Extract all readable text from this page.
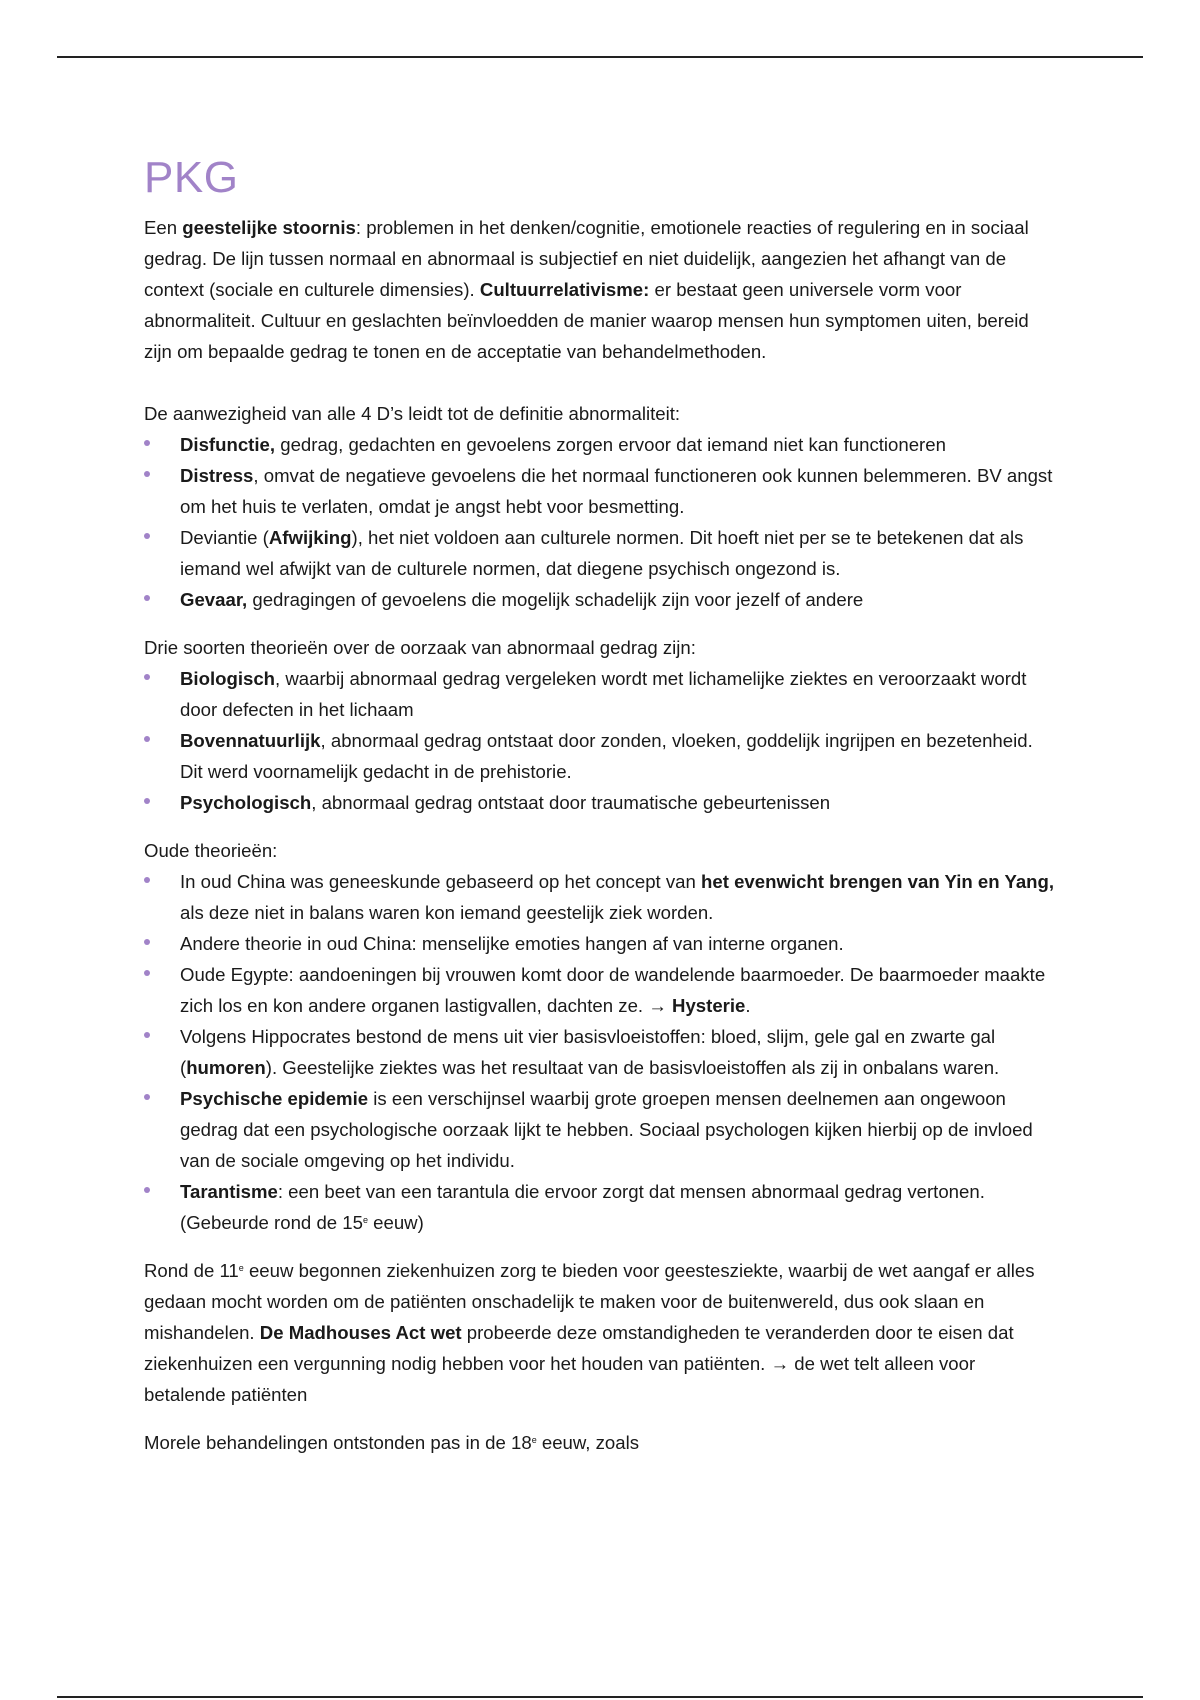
PKG

Een geestelijke stoornis: problemen in het denken/cognitie, emotionele reacties of regulering en in sociaal gedrag. De lijn tussen normaal en abnormaal is subjectief en niet duidelijk, aangezien het afhangt van de context (sociale en culturele dimensies). Cultuurrelativisme: er bestaat geen universele vorm voor abnormaliteit. Cultuur en geslachten beïnvloedden de manier waarop mensen hun symptomen uiten, bereid zijn om bepaalde gedrag te tonen en de acceptatie van behandelmethoden.

De aanwezigheid van alle 4 D’s leidt tot de definitie abnormaliteit:

Disfunctie, gedrag, gedachten en gevoelens zorgen ervoor dat iemand niet kan functioneren
Distress, omvat de negatieve gevoelens die het normaal functioneren ook kunnen belemmeren. BV angst om het huis te verlaten, omdat je angst hebt voor besmetting.
Deviantie (Afwijking), het niet voldoen aan culturele normen. Dit hoeft niet per se te betekenen dat als iemand wel afwijkt van de culturele normen, dat diegene psychisch ongezond is.
Gevaar, gedragingen of gevoelens die mogelijk schadelijk zijn voor jezelf of andere

Drie soorten theorieën over de oorzaak van abnormaal gedrag zijn:

Biologisch, waarbij abnormaal gedrag vergeleken wordt met lichamelijke ziektes en veroorzaakt wordt door defecten in het lichaam
Bovennatuurlijk, abnormaal gedrag ontstaat door zonden, vloeken, goddelijk ingrijpen en bezetenheid. Dit werd voornamelijk gedacht in de prehistorie.
Psychologisch, abnormaal gedrag ontstaat door traumatische gebeurtenissen

Oude theorieën:

In oud China was geneeskunde gebaseerd op het concept van het evenwicht brengen van Yin en Yang, als deze niet in balans waren kon iemand geestelijk ziek worden.
Andere theorie in oud China: menselijke emoties hangen af van interne organen.
Oude Egypte: aandoeningen bij vrouwen komt door de wandelende baarmoeder. De baarmoeder maakte zich los en kon andere organen lastigvallen, dachten ze. → Hysterie.
Volgens Hippocrates bestond de mens uit vier basisvloeistoffen: bloed, slijm, gele gal en zwarte gal (humoren). Geestelijke ziektes was het resultaat van de basisvloeistoffen als zij in onbalans waren.
Psychische epidemie is een verschijnsel waarbij grote groepen mensen deelnemen aan ongewoon gedrag dat een psychologische oorzaak lijkt te hebben. Sociaal psychologen kijken hierbij op de invloed van de sociale omgeving op het individu.
Tarantisme: een beet van een tarantula die ervoor zorgt dat mensen abnormaal gedrag vertonen. (Gebeurde rond de 15e eeuw)

Rond de 11e eeuw begonnen ziekenhuizen zorg te bieden voor geestesziekte, waarbij de wet aangaf er alles gedaan mocht worden om de patiënten onschadelijk te maken voor de buitenwereld, dus ook slaan en mishandelen. De Madhouses Act wet probeerde deze omstandigheden te veranderden door te eisen dat ziekenhuizen een vergunning nodig hebben voor het houden van patiënten. → de wet telt alleen voor betalende patiënten

Morele behandelingen ontstonden pas in de 18e eeuw, zoals
